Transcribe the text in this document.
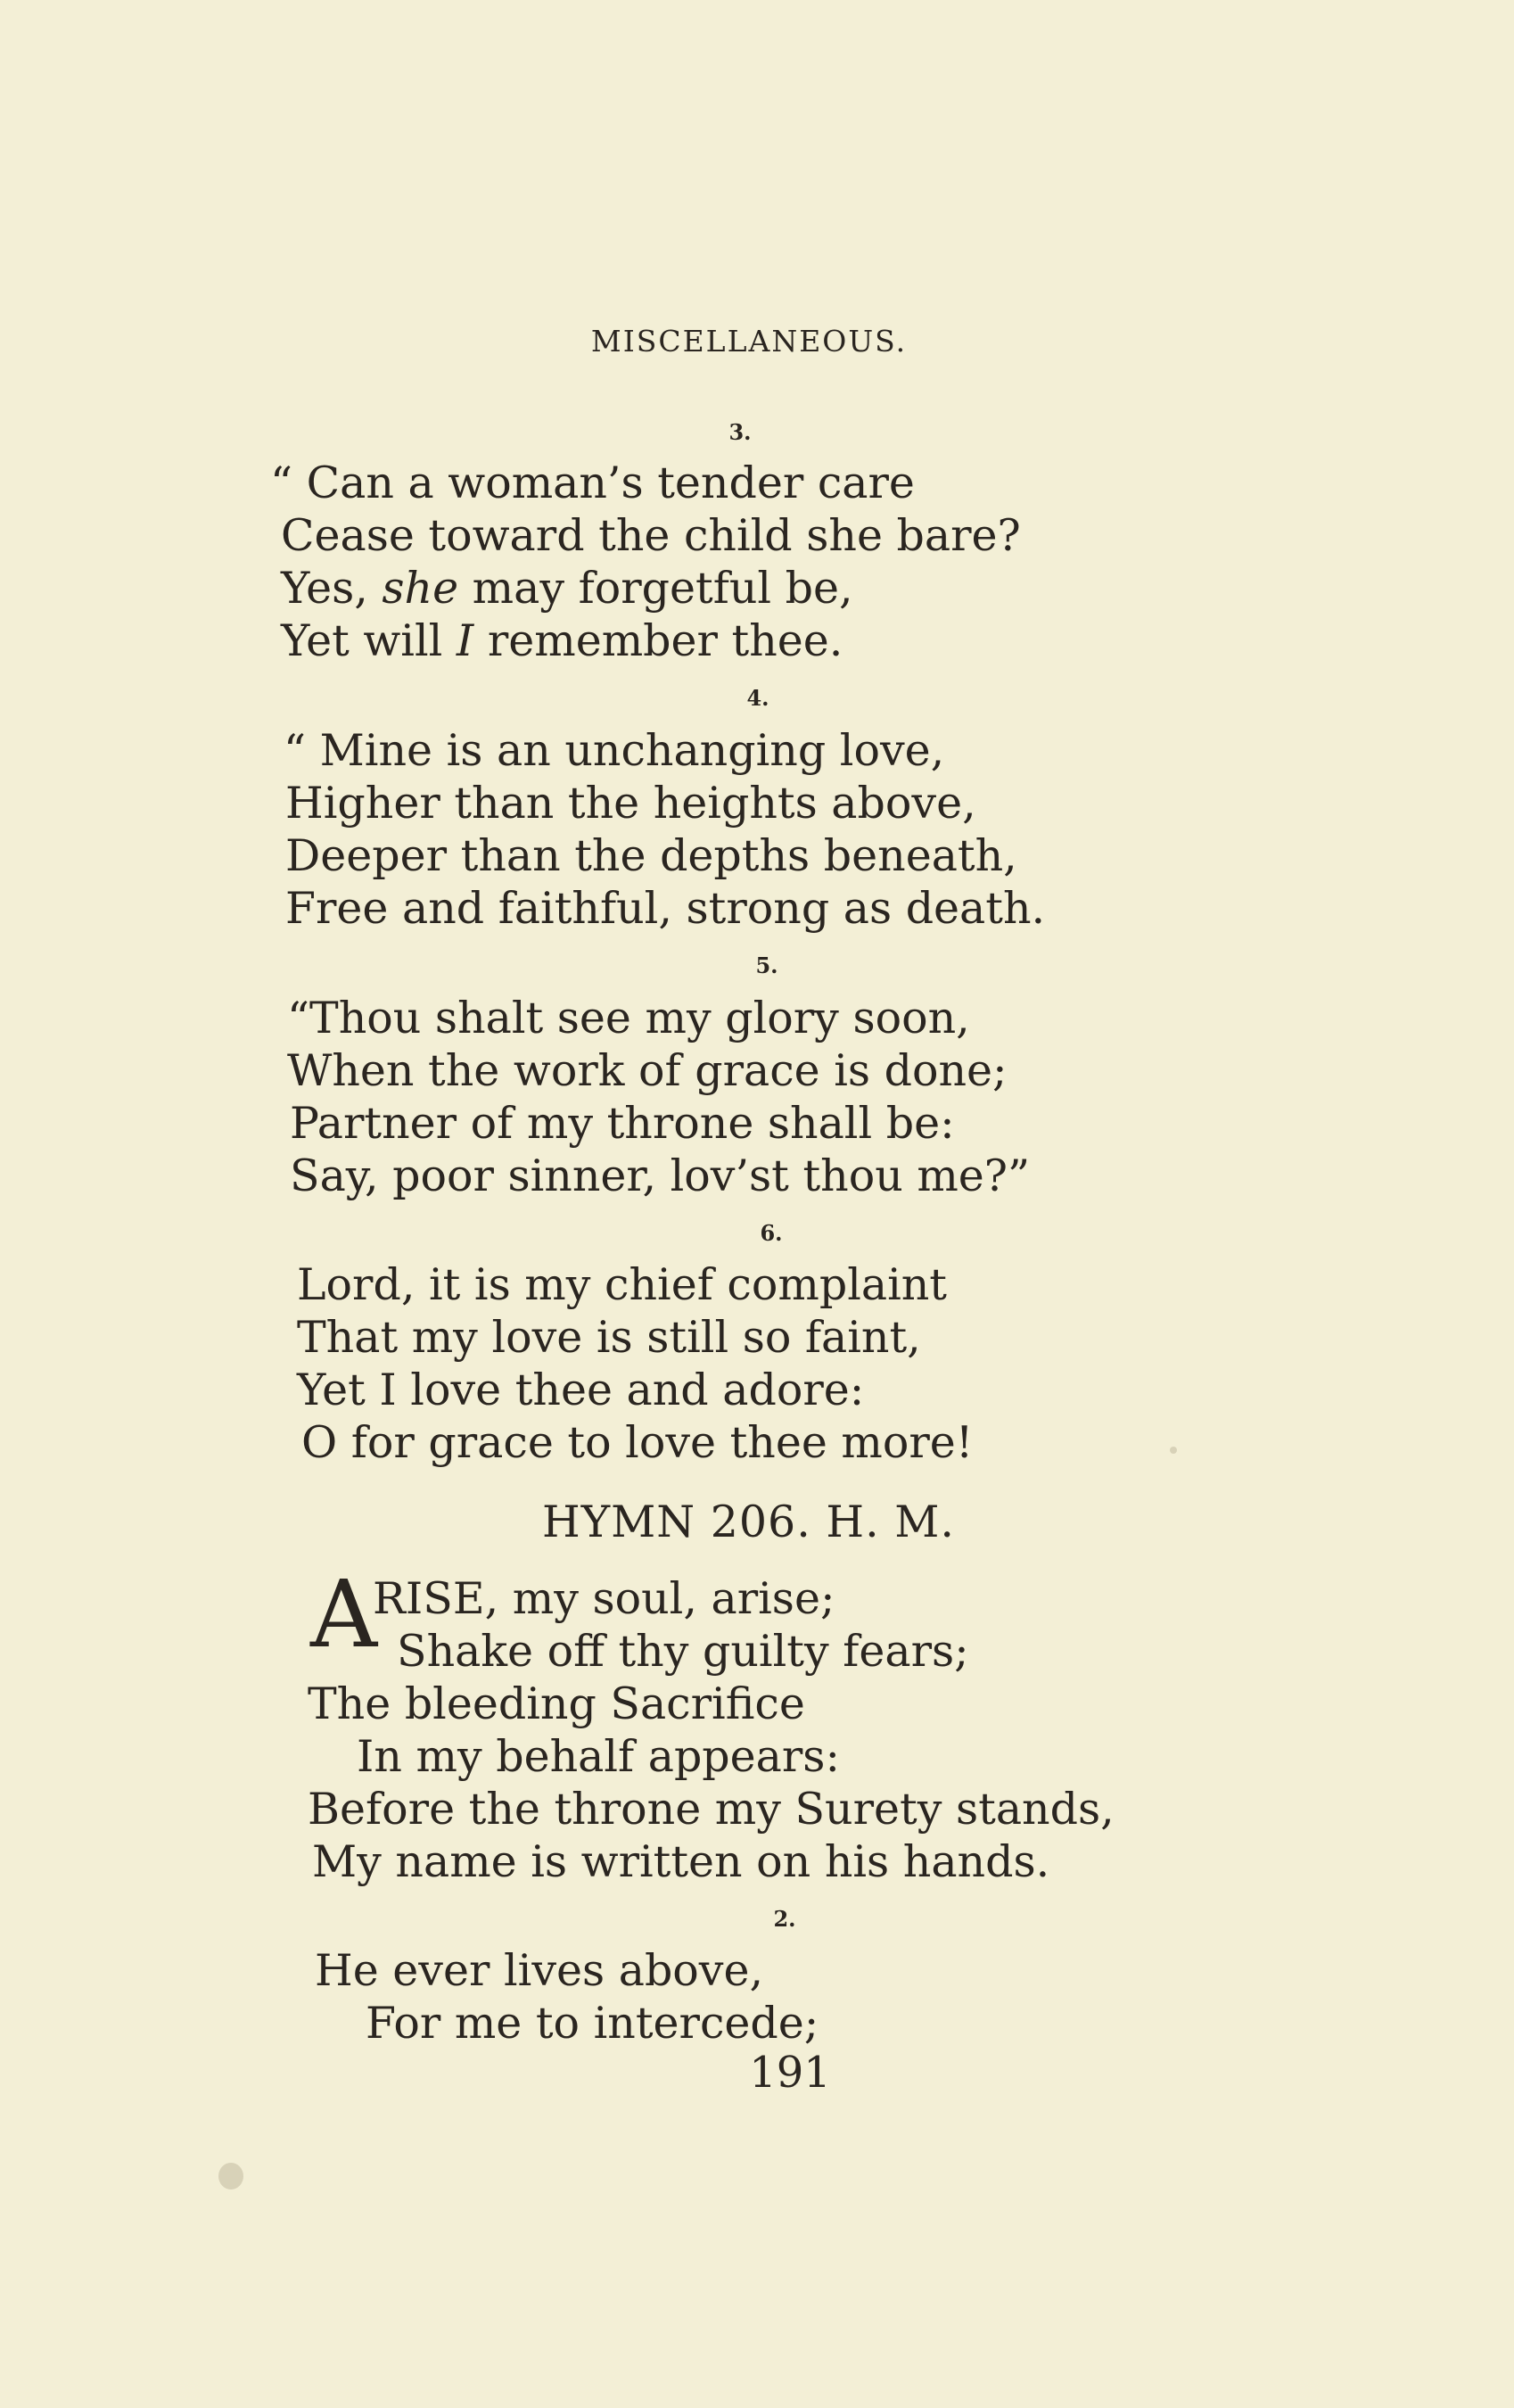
MISCELLANEOUS.
3.
“ Can a woman’s tender care
Cease toward the child she bare?
Yes, she may forgetful be,
Yet will I remember thee.
4.
“ Mine is an unchanging love,
Higher than the heights above,
Deeper than the depths beneath,
Free and faithful, strong as death.
5.
“Thou shalt see my glory soon,
When the work of grace is done;
Partner of my throne shall be:
Say, poor sinner, lov’st thou me?”
6.
Lord, it is my chief complaint
That my love is still so faint,
Yet I love thee and adore:
O for grace to love thee more!
HYMN 206. H. M.
A
RISE, my soul, arise;
Shake off thy guilty fears;
The bleeding Sacrifice
In my behalf appears:
Before the throne my Surety stands,
My name is written on his hands.
2.
He ever lives above,
For me to intercede;
191
